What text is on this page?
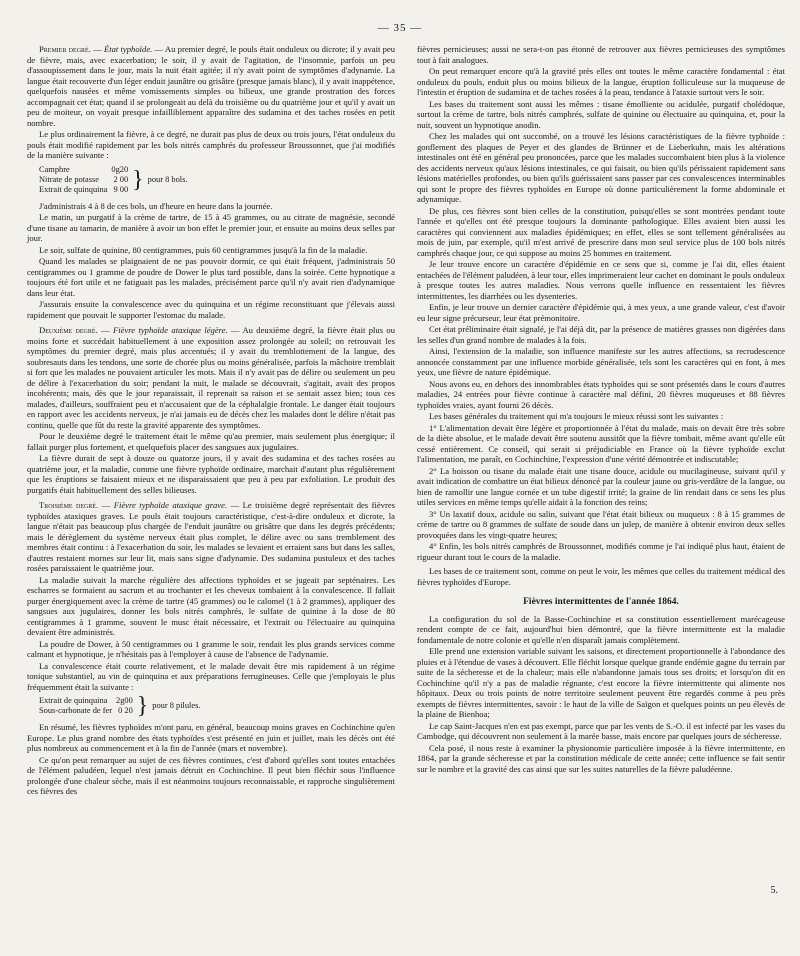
— 35 —

Premier degré. — État typhoïde. — Au premier degré, le pouls était onduleux ou dicrote; il y avait peu de fièvre, mais, avec exacerbation; le soir, il y avait de l'agitation, de l'insomnie, parfois un peu d'assoupissement dans le jour, mais la nuit était agitée; il n'y avait point de symptômes d'adynamie. La langue était recouverte d'un léger enduit jaunâtre ou grisâtre (presque jamais blanc), il y avait inappétence, quelquefois nausées et même vomissements simples ou bilieux, une grande prostration des forces accompagnait cet état; quand il se prolongeait au delà du troisième ou du quatrième jour et qu'il y avait un peu de moiteur, on voyait presque infailliblement apparaître des sudamina et des taches rosées en petit nombre.

Le plus ordinairement la fièvre, à ce degré, ne durait pas plus de deux ou trois jours, l'état onduleux du pouls était modifié rapidement par les bols nitrés camphrés du professeur Broussonnet, que j'ai modifiés de la manière suivante :

Camphre	0g20	}	pour 8 bols.
Nitrate de potasse	2 00		
Extrait de quinquina	9 00		

J'administrais 4 à 8 de ces bols, un d'heure en heure dans la journée.

Le matin, un purgatif à la crème de tartre, de 15 à 45 grammes, ou au citrate de magnésie, secondé d'une tisane au tamarin, de manière à avoir un bon effet le premier jour, et ensuite au moins deux selles par jour.

Le soir, sulfate de quinine, 80 centigrammes, puis 60 centigrammes jusqu'à la fin de la maladie.

Quand les malades se plaignaient de ne pas pouvoir dormir, ce qui était fréquent, j'administrais 50 centigrammes ou 1 gramme de poudre de Dower le plus tard possible, dans la soirée. Cette hypnotique a toujours été fort utile et ne fatiguait pas les malades, précisément parce qu'il n'y avait rien d'adynamique dans leur état.

J'assurais ensuite la convalescence avec du quinquina et un régime reconstituant que j'élevais aussi rapidement que pouvait le supporter l'estomac du malade.

Deuxième degré. — Fièvre typhoïde ataxique légère. — Au deuxième degré, la fièvre était plus ou moins forte et succédait habituellement à une exposition assez prolongée au soleil; on retrouvait les symptômes du premier degré, mais plus accentués; il y avait du tremblottement de la langue, des soubresauts dans les tendons, une sorte de chorée plus ou moins généralisée, parfois la mâchoire tremblait si fort que les malades ne pouvaient articuler les mots. Mais il n'y avait pas de délire ou seulement un peu de délire à l'exacerbation du soir; pendant la nuit, le malade se découvrait, s'agitait, avait des propos incohérents; mais, dès que le jour reparaissait, il reprenait sa raison et se sentait assez bien; tous ces malades, d'ailleurs, souffraient peu et n'accusaient que de la céphalalgie frontale. Le danger était toujours en rapport avec les accidents nerveux, je n'ai jamais eu de décès chez les malades dont le délire n'était pas continu, quelle que fût du reste la gravité apparente des symptômes.

Pour le deuxième degré le traitement était le même qu'au premier, mais seulement plus énergique; il fallait purger plus fortement, et quelquefois placer des sangsues aux jugulaires.

La fièvre durait de sept à douze ou quatorze jours, il y avait des sudamina et des taches rosées au quatrième jour, et la maladie, comme une fièvre typhoïde ordinaire, marchait d'autant plus régulièrement que les éruptions se faisaient mieux et ne disparaissaient que peu à peu par exfoliation. Le produit des purgatifs était habituellement des selles bilieuses.

Troisième degré. — Fièvre typhoïde ataxique grave. — Le troisième degré représentait des fièvres typhoïdes ataxiques graves. Le pouls était toujours caractéristique, c'est-à-dire onduleux et dicrote, la langue n'était pas beaucoup plus chargée de l'enduit jaunâtre ou grisâtre que dans les degrés précédents; mais le dérèglement du système nerveux était plus complet, le délire avec ou sans tremblement des membres était continu : à l'exacerbation du soir, les malades se levaient et erraient sans but dans les salles, d'autres restaient mornes sur leur lit, mais sans signe d'adynamie. Des sudamina pustuleux et des taches rosées paraissaient le quatrième jour.

La maladie suivait la marche régulière des affections typhoïdes et se jugeait par septénaires. Les escharres se formaient au sacrum et au trochanter et les cheveux tombaient à la convalescence. Il fallait purger énergiquement avec la crème de tartre (45 grammes) ou le calomel (1 à 2 grammes), appliquer des sangsues aux jugulaires, donner les bols nitrés camphrés, le sulfate de quinine à la dose de 80 centigrammes à 1 gramme, souvent le musc était nécessaire, et l'extrait ou l'électuaire au quinquina devaient être administrés.

La poudre de Dower, à 50 centigrammes ou 1 gramme le soir, rendait les plus grands services comme calmant et hypnotique, je n'hésitais pas à l'employer à cause de l'absence de l'adynamie.

La convalescence était courte relativement, et le malade devait être mis rapidement à un régime tonique substantiel, au vin de quinquina et aux préparations ferrugineuses. Celle que j'employais le plus fréquemment était la suivante :

Extrait de quinquina	2g00	}	pour 8 pilules.
Sous-carbonate de fer	0 20		

En résumé, les fièvres typhoïdes m'ont paru, en général, beaucoup moins graves en Cochinchine qu'en Europe. Le plus grand nombre des états typhoïdes s'est présenté en juin et juillet, mais les décès ont été plus nombreux au commencement et à la fin de l'année (mars et novembre).

Ce qu'on peut remarquer au sujet de ces fièvres continues, c'est d'abord qu'elles sont toutes entachées de l'élément paludéen, lequel n'est jamais détruit en Cochinchine. Il peut bien fléchir sous l'influence prolongée d'une chaleur sèche, mais il est néanmoins toujours reconnaissable, et rapproche singulièrement ces fièvres des

fièvres pernicieuses; aussi ne sera-t-on pas étonné de retrouver aux fièvres pernicieuses des symptômes tout à fait analogues.

On peut remarquer encore qu'à la gravité près elles ont toutes le même caractère fondamental : état onduleux du pouls, enduit plus ou moins bilieux de la langue, éruption folliculeuse sur la muqueuse de l'intestin et éruption de sudamina et de taches rosées à la peau, tendance à l'ataxie surtout vers le soir.

Les bases du traitement sont aussi les mêmes : tisane émolliente ou acidulée, purgatif cholédoque, surtout la crème de tartre, bols nitrés camphrés, sulfate de quinine ou électuaire au quinquina, et, pour la nuit, souvent un hypnotique anodin.

Chez les malades qui ont succombé, on a trouvé les lésions caractéristiques de la fièvre typhoïde : gonflement des plaques de Peyer et des glandes de Brünner et de Lieberkuhn, mais les altérations intestinales ont été en général peu prononcées, parce que les malades succombaient bien plus à la violence des accidents nerveux qu'aux lésions intestinales, ce qui faisait, ou bien qu'ils périssaient rapidement sans lésions matérielles profondes, ou bien qu'ils guérissaient sans passer par ces convalescences interminables qui sont le propre des fièvres typhoïdes en Europe où donne particulièrement la forme abdominale et adynamique.

De plus, ces fièvres sont bien celles de la constitution, puisqu'elles se sont montrées pendant toute l'année et qu'elles ont été presque toujours la dominante pathologique. Elles avaient bien aussi les caractères qui conviennent aux maladies épidémiques; en effet, elles se sont tellement généralisées au mois de juin, par exemple, qu'il m'est arrivé de prescrire dans mon seul service plus de 100 bols nitrés camphrés chaque jour, ce qui suppose au moins 25 hommes en traitement.

Je leur trouve encore un caractère d'épidémie en ce sens que si, comme je l'ai dit, elles étaient entachées de l'élément paludéen, à leur tour, elles imprimeraient leur cachet en dominant le pouls onduleux à presque toutes les autres maladies. Nous verrons quelle influence en ressentaient les fièvres intermittentes, les diarrhées ou les dysenteries.

Enfin, je leur trouve un dernier caractère d'épidémie qui, à mes yeux, a une grande valeur, c'est d'avoir eu leur signe précurseur, leur état prémonitoire.

Cet état préliminaire était signalé, je l'ai déjà dit, par la présence de matières grasses non digérées dans les selles d'un grand nombre de malades à la fois.

Ainsi, l'extension de la maladie, son influence manifeste sur les autres affections, sa recrudescence annoncée constamment par une influence morbide généralisée, tels sont les caractères qui en font, à mes yeux, une fièvre de nature épidémique.

Nous avons eu, en dehors des innombrables états typhoïdes qui se sont présentés dans le cours d'autres maladies, 24 entrées pour fièvre continue à caractère mal défini, 20 fièvres muqueuses et 88 fièvres typhoïdes vraies, ayant fourni 26 décès.

Les bases générales du traitement qui m'a toujours le mieux réussi sont les suivantes :

1° L'alimentation devait être légère et proportionnée à l'état du malade, mais on devait être très sobre de la diète absolue, et le malade devait être soutenu aussitôt que la fièvre tombait, même avant qu'elle eût cessé entièrement. Ce conseil, qui serait si préjudiciable en France où la fièvre typhoïde exclut l'alimentation, me paraît, en Cochinchine, l'expression d'une vérité démontrée et indiscutable;

2° La boisson ou tisane du malade était une tisane douce, acidule ou mucilagineuse, suivant qu'il y avait indication de combattre un état bilieux dénoncé par la couleur jaune ou gris-verdâtre de la langue, ou bien de ramollir une langue cornée et un tube digestif irrité; la graine de lin rendait dans ce sens les plus utiles services en même temps qu'elle aidait à la fonction des reins;

3° Un laxatif doux, acidule ou salin, suivant que l'état était bilieux ou muqueux : 8 à 15 grammes de crème de tartre ou 8 grammes de sulfate de soude dans un julep, de manière à obtenir environ deux selles provoquées dans les vingt-quatre heures;

4° Enfin, les bols nitrés camphrés de Broussonnet, modifiés comme je l'ai indiqué plus haut, étaient de rigueur durant tout le cours de la maladie.

Les bases de ce traitement sont, comme on peut le voir, les mêmes que celles du traitement médical des fièvres typhoïdes d'Europe.

Fièvres intermittentes de l'année 1864.

La configuration du sol de la Basse-Cochinchine et sa constitution essentiellement marécageuse rendent compte de ce fait, aujourd'hui bien démontré, que la fièvre intermittente est la maladie fondamentale de notre colonie et qu'elle n'en disparaît jamais complètement.

Elle prend une extension variable suivant les saisons, et directement proportionnelle à l'abondance des pluies et à l'étendue de vases à découvert. Elle fléchit lorsque quelque grande endémie gagne du terrain par suite de la sécheresse et de la chaleur; mais elle n'abandonne jamais tous ses droits; et lorsqu'on dit en Cochinchine qu'il n'y a pas de maladie régnante, c'est encore la fièvre intermittente qui alimente nos hôpitaux. Deux ou trois points de notre territoire seulement peuvent être regardés comme à peu près exempts de fièvres intermittentes, savoir : le haut de la ville de Saïgon et quelques points un peu élevés de la plaine de Bienhoa;

Le cap Saint-Jacques n'en est pas exempt, parce que par les vents de S.-O. il est infecté par les vases du Cambodge, qui découvrent non seulement à la marée basse, mais encore par quelques jours de sécheresse.

Cela posé, il nous reste à examiner la physionomie particulière imposée à la fièvre intermittente, en 1864, par la grande sécheresse et par la constitution médicale de cette année; cette influence se fait sentir sur le nombre et la gravité des cas ainsi que sur les suites naturelles de la fièvre paludéenne.

5.
